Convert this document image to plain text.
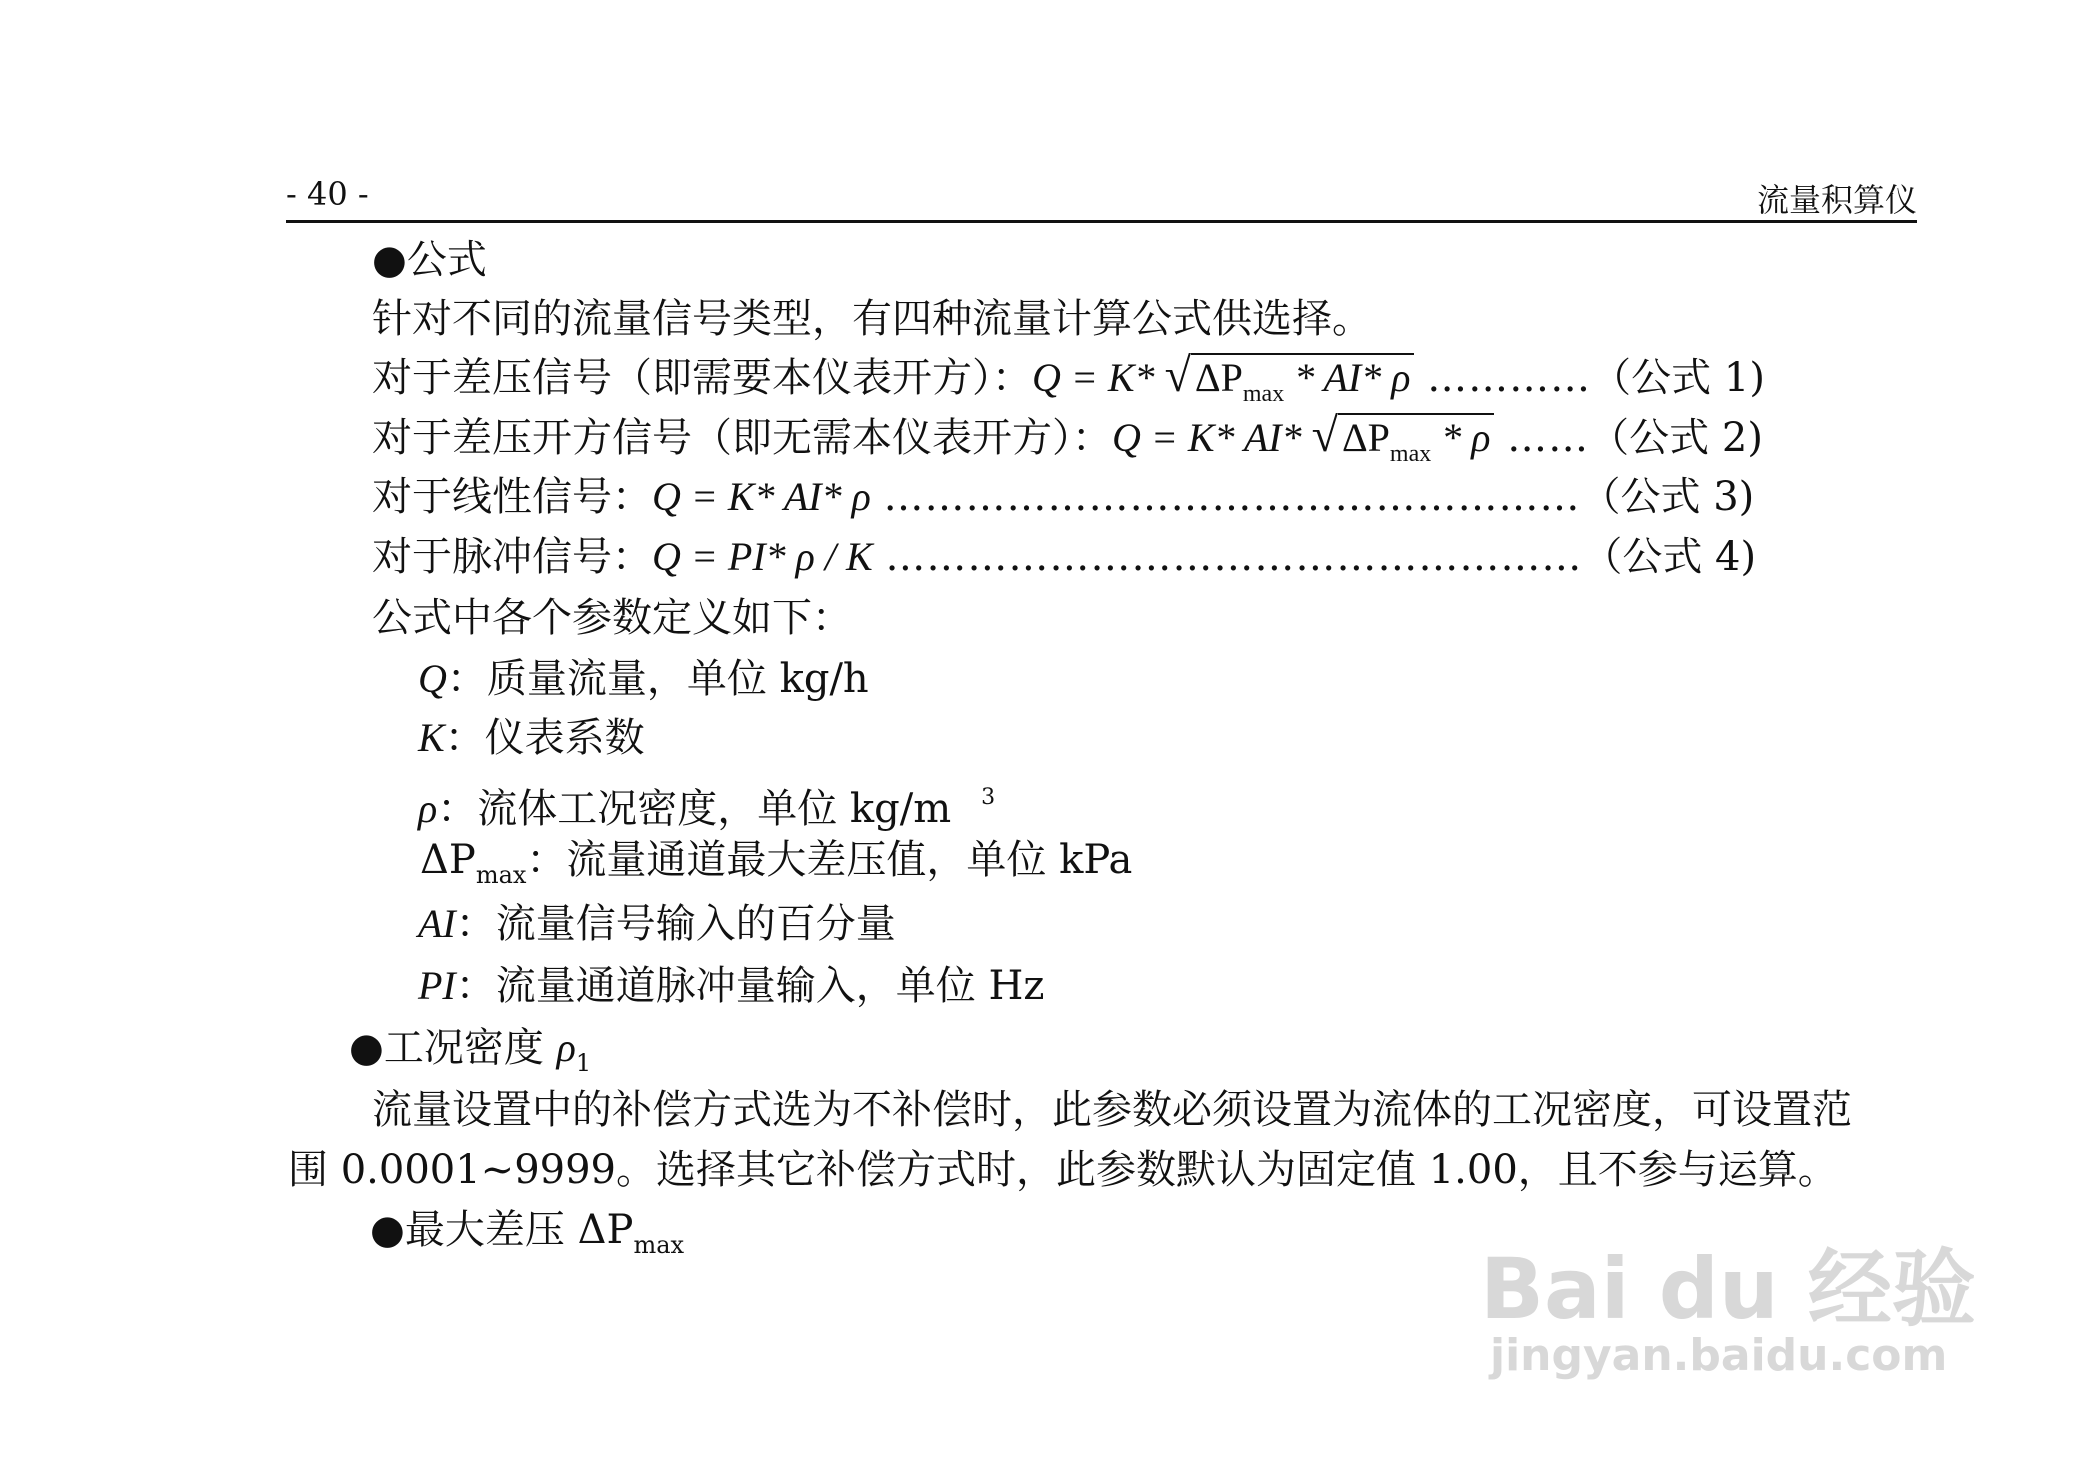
- 40 -	流量积算仪
●公式
针对不同的流量信号类型，有四种流量计算公式供选择。
对于差压信号（即需要本仪表开方）：Q = K* √ $\Delta P_{max} * AI*$ ρ …………（公式 1)
对于差压开方信号（即无需本仪表开方）：Q = K* AI* √ $\Delta P_{max}$ * ρ ……（公式 2)
对于线性信号：Q = K* AI* ρ ……………………………………………（公式 3)
对于脉冲信号：Q = PI* ρ / K ……………………………………………（公式 4)
公式中各个参数定义如下：
Q：质量流量，单位 kg/h
K：仪表系数
ρ：流体工况密度，单位 kg/m $^3$
$\Delta P_{max}$：流量通道最大差压值，单位 kPa
AI：流量信号输入的百分量
PI：流量通道脉冲量输入，单位 Hz
●工况密度 $\rho_1$
流量设置中的补偿方式选为不补偿时，此参数必须设置为流体的工况密度，可设置范
围 0.0001~9999。选择其它补偿方式时，此参数默认为固定值 1.00，且不参与运算。
●最大差压 $\Delta P_{max}$	Bai du 经验
jingyan.baidu.com
